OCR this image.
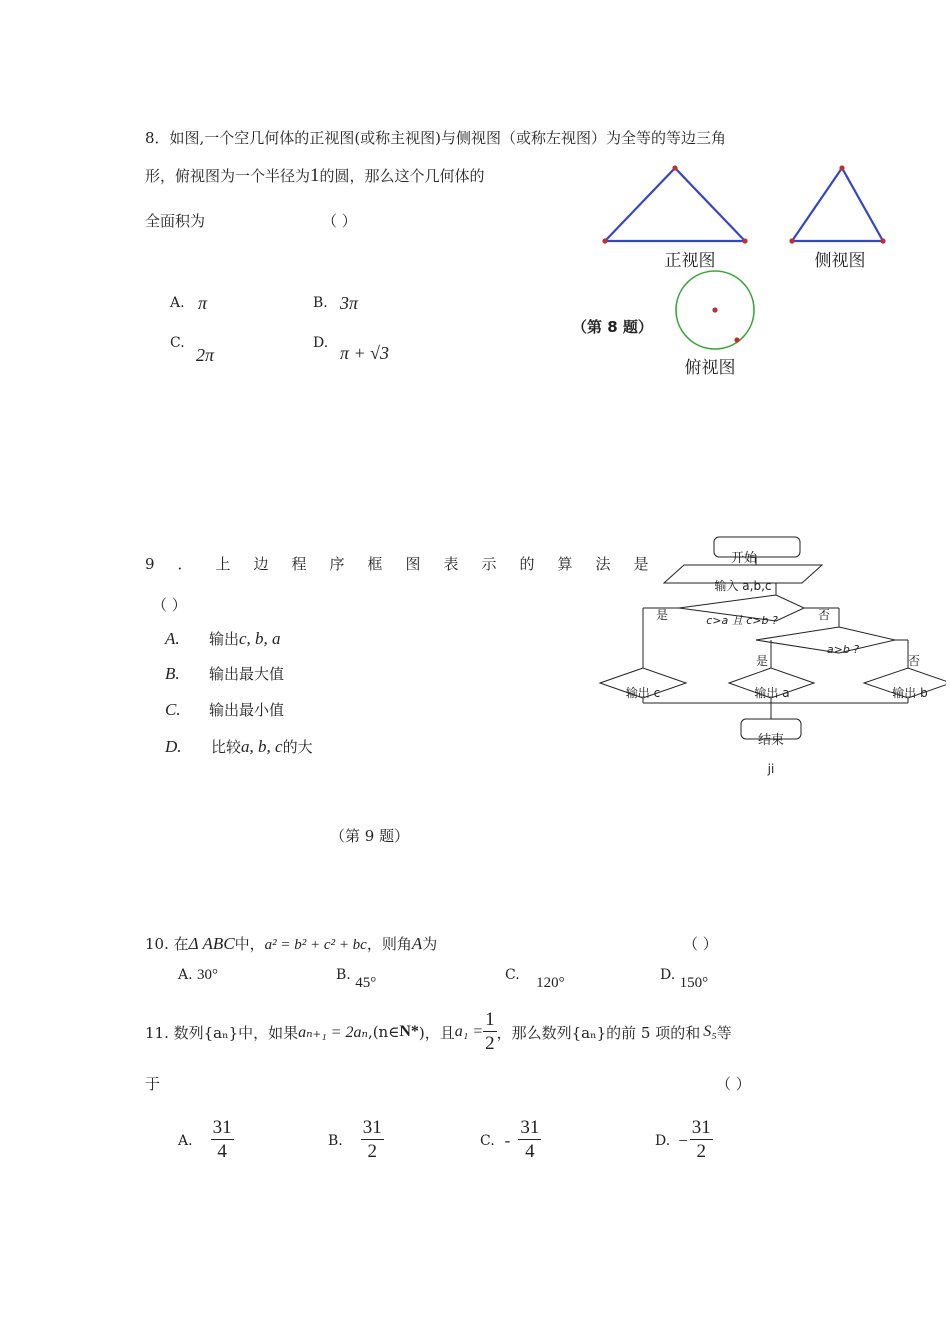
8．如图,一个空几何体的正视图(或称主视图)与侧视图（或称左视图）为全等的等边三角
形，俯视图为一个半径为1的圆，那么这个几何体的
全面积为	（ ）
A. π	B. 3π
C.
2π
D. π + √3
正视图	侧视图
（第 8 题）
俯视图
9．上边程序框图表示的算法是
（ ）
A. 输出c, b, a
B. 输出最大值
C. 输出最小值
D. 比较a, b, c的大
（第 9 题）
开始
输入 a,b,c
c>a 且 c>b ?
是	否
a>b ?
是	否
输出 c	输出 a	输出 b
结束
ji
10. 在Δ ABC中，a² = b² + c² + bc，则角A为	（ ）
A. 30°	B. 45°	C. 120°	D. 150°
11. 数列{aₙ}中，如果 aₙ₊₁ = 2aₙ ,(n∈ N* )，且 $a_1 = \frac{1}{2}$ ，那么数列{aₙ}的前 5 项的和 S₅ 等
于	（ ）
A. $\frac{31}{4}$	B. $\frac{31}{2}$	C. - $\frac{31}{4}$	D. − $\frac{31}{2}$
